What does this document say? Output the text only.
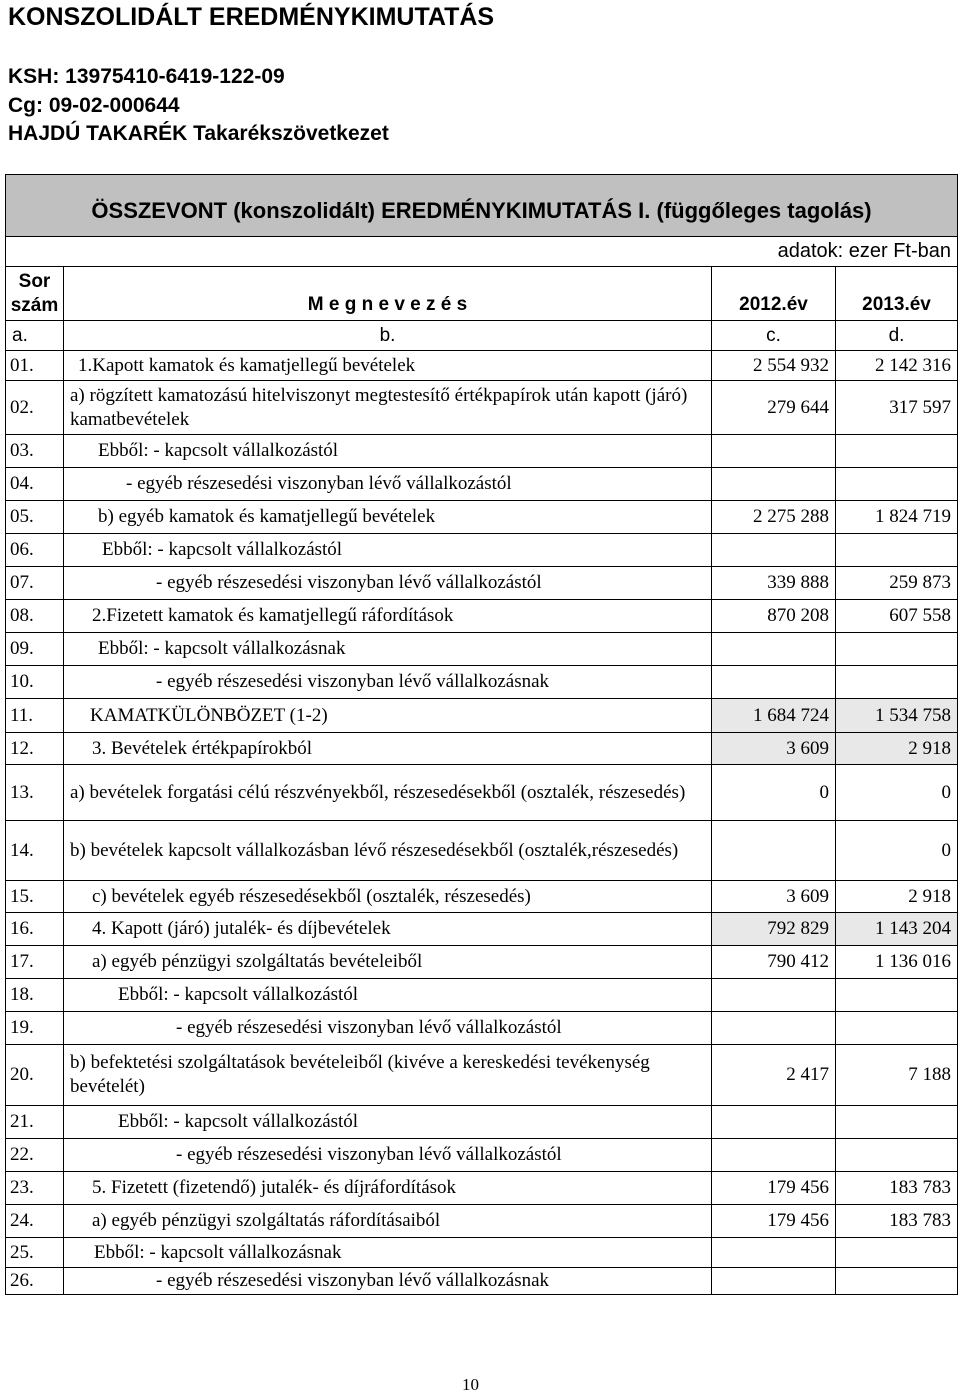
KONSZOLIDÁLT EREDMÉNYKIMUTATÁS
KSH: 13975410-6419-122-09
Cg: 09-02-000644
HAJDÚ TAKARÉK Takarékszövetkezet
ÖSSZEVONT (konszolidált) EREDMÉNYKIMUTATÁS I. (függőleges tagolás)			
adatok: ezer Ft-ban			

Sor
szám	M e g n e v e z é s	2012.év	2013.év
a.	b.	c.	d.
01.	1.Kapott kamatok és kamatjellegű bevételek	2 554 932	2 142 316
02.	a) rögzített kamatozású hitelviszonyt megtestesítő értékpapírok után kapott (járó) kamatbevételek	279 644	317 597
03.	Ebből: - kapcsolt vállalkozástól		
04.	- egyéb részesedési viszonyban lévő vállalkozástól		
05.	b) egyéb kamatok és kamatjellegű bevételek	2 275 288	1 824 719
06.	Ebből: - kapcsolt vállalkozástól		
07.	- egyéb részesedési viszonyban lévő vállalkozástól	339 888	259 873
08.	2.Fizetett kamatok és kamatjellegű ráfordítások	870 208	607 558
09.	Ebből: - kapcsolt vállalkozásnak		
10.	- egyéb részesedési viszonyban lévő vállalkozásnak		
11.	KAMATKÜLÖNBÖZET (1-2)	1 684 724	1 534 758
12.	3. Bevételek értékpapírokból	3 609	2 918
13.	a) bevételek forgatási célú részvényekből, részesedésekből (osztalék, részesedés)	0	0
14.	b) bevételek kapcsolt vállalkozásban lévő részesedésekből (osztalék,részesedés)		0
15.	c) bevételek egyéb részesedésekből (osztalék, részesedés)	3 609	2 918
16.	4. Kapott (járó) jutalék- és díjbevételek	792 829	1 143 204
17.	a) egyéb pénzügyi szolgáltatás bevételeiből	790 412	1 136 016
18.	Ebből: - kapcsolt vállalkozástól		
19.	- egyéb részesedési viszonyban lévő vállalkozástól		
20.	b) befektetési szolgáltatások bevételeiből (kivéve a kereskedési tevékenység bevételét)	2 417	7 188
21.	Ebből: - kapcsolt vállalkozástól		
22.	- egyéb részesedési viszonyban lévő vállalkozástól		
23.	5. Fizetett (fizetendő) jutalék- és díjráfordítások	179 456	183 783
24.	a) egyéb pénzügyi szolgáltatás ráfordításaiból	179 456	183 783
25.	Ebből: - kapcsolt vállalkozásnak		
26.	- egyéb részesedési viszonyban lévő vállalkozásnak		
10
